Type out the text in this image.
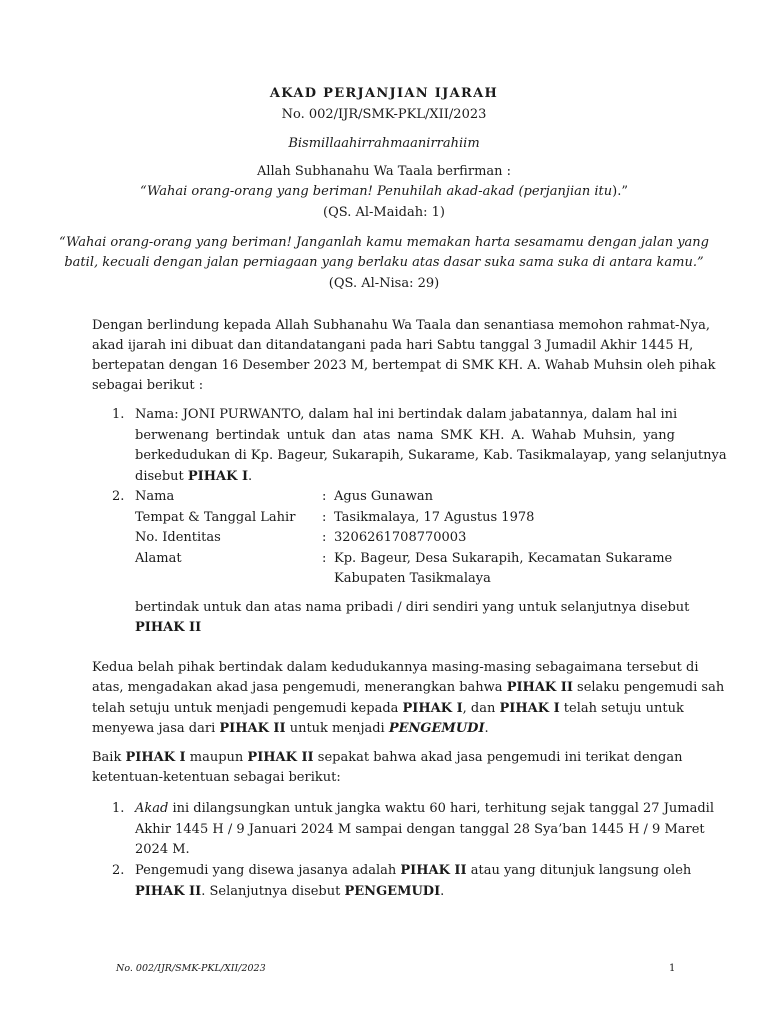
AKAD PERJANJIAN IJARAH
No. 002/IJR/SMK-PKL/XII/2023
Bismillaahirrahmaanirrahiim
Allah Subhanahu Wa Taala berfirman :
“Wahai orang-orang yang beriman! Penuhilah akad-akad (perjanjian itu).”
(QS. Al-Maidah: 1)
“Wahai orang-orang yang beriman! Janganlah kamu memakan harta sesamamu dengan jalan yang
batil, kecuali dengan jalan perniagaan yang berlaku atas dasar suka sama suka di antara kamu.”
(QS. Al-Nisa: 29)
Dengan berlindung kepada Allah Subhanahu Wa Taala dan senantiasa memohon rahmat-Nya,
akad ijarah ini dibuat dan ditandatangani pada hari Sabtu tanggal 3 Jumadil Akhir 1445 H,
bertepatan dengan 16 Desember 2023 M, bertempat di SMK KH. A. Wahab Muhsin oleh pihak
sebagai berikut :
1. Nama: JONI PURWANTO, dalam hal ini bertindak dalam jabatannya, dalam hal ini
berwenang bertindak untuk dan atas nama SMK KH. A. Wahab Muhsin, yang
berkedudukan di Kp. Bageur, Sukarapih, Sukarame, Kab. Tasikmalayap, yang selanjutnya
disebut PIHAK I.
2. Nama	: Agus Gunawan
Tempat & Tanggal Lahir : Tasikmalaya, 17 Agustus 1978
No. Identitas	: 3206261708770003
Alamat	: Kp. Bageur, Desa Sukarapih, Kecamatan Sukarame
Kabupaten Tasikmalaya
bertindak untuk dan atas nama pribadi / diri sendiri yang untuk selanjutnya disebut
PIHAK II
Kedua belah pihak bertindak dalam kedudukannya masing-masing sebagaimana tersebut di
atas, mengadakan akad jasa pengemudi, menerangkan bahwa PIHAK II selaku pengemudi sah
telah setuju untuk menjadi pengemudi kepada PIHAK I, dan PIHAK I telah setuju untuk
menyewa jasa dari PIHAK II untuk menjadi PENGEMUDI.
Baik PIHAK I maupun PIHAK II sepakat bahwa akad jasa pengemudi ini terikat dengan
ketentuan-ketentuan sebagai berikut:
1. Akad ini dilangsungkan untuk jangka waktu 60 hari, terhitung sejak tanggal 27 Jumadil
Akhir 1445 H / 9 Januari 2024 M sampai dengan tanggal 28 Sya’ban 1445 H / 9 Maret
2024 M.
2. Pengemudi yang disewa jasanya adalah PIHAK II atau yang ditunjuk langsung oleh
PIHAK II. Selanjutnya disebut PENGEMUDI.
No. 002/IJR/SMK-PKL/XII/2023	1
